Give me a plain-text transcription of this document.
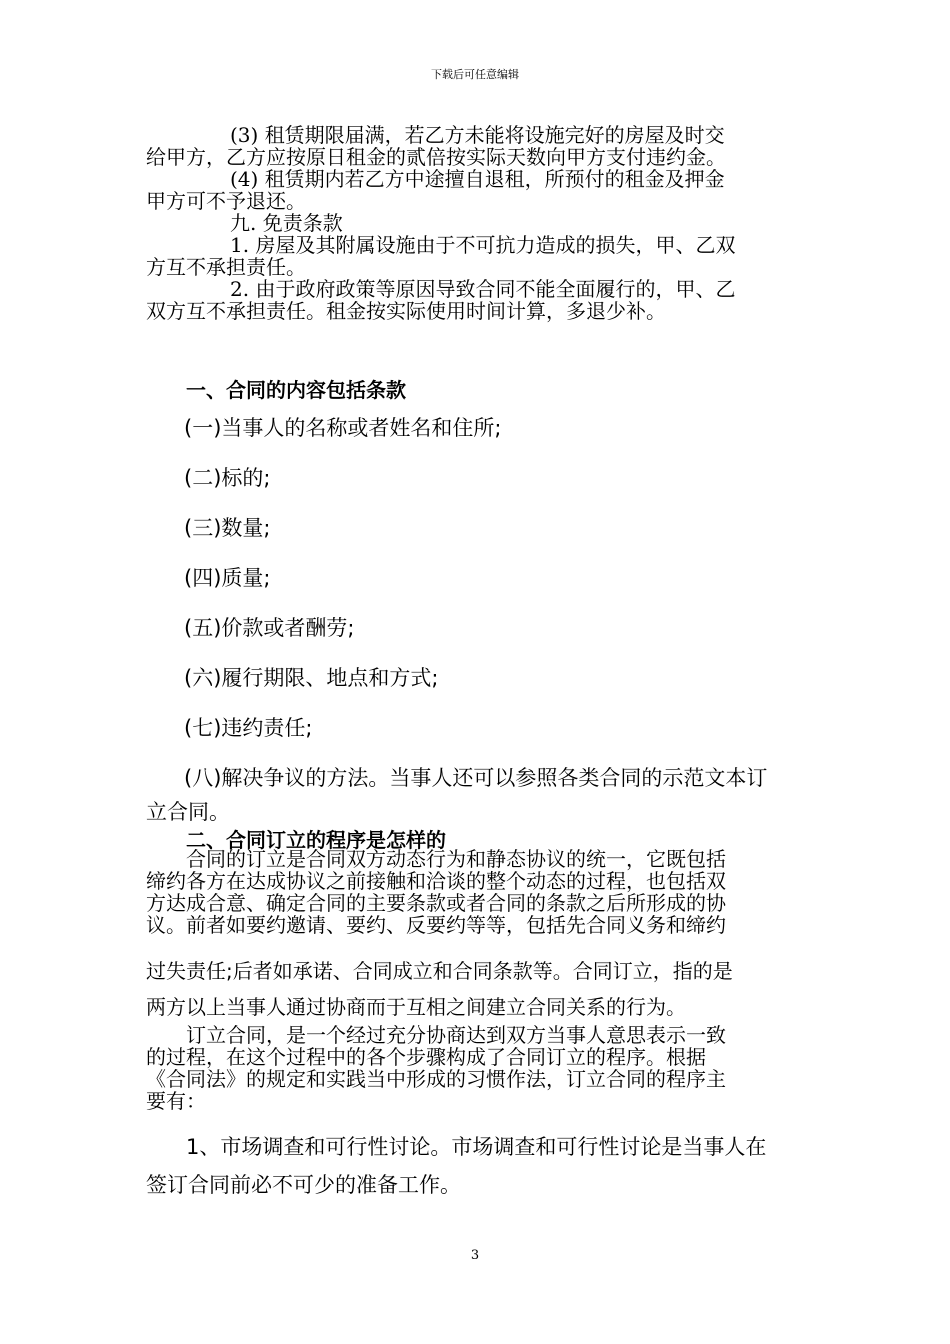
下载后可任意编辑
(3) 租赁期限届满，若乙方未能将设施完好的房屋及时交
给甲方，乙方应按原日租金的贰倍按实际天数向甲方支付违约金。
(4) 租赁期内若乙方中途擅自退租，所预付的租金及押金
甲方可不予退还。
九. 免责条款
1. 房屋及其附属设施由于不可抗力造成的损失，甲、乙双
方互不承担责任。
2. 由于政府政策等原因导致合同不能全面履行的，甲、乙
双方互不承担责任。租金按实际使用时间计算，多退少补。
一、合同的内容包括条款
(一)当事人的名称或者姓名和住所;
(二)标的;
(三)数量;
(四)质量;
(五)价款或者酬劳;
(六)履行期限、地点和方式;
(七)违约责任;
(八)解决争议的方法。当事人还可以参照各类合同的示范文本订
立合同。
二、合同订立的程序是怎样的
合同的订立是合同双方动态行为和静态协议的统一，它既包括
缔约各方在达成协议之前接触和洽谈的整个动态的过程，也包括双
方达成合意、确定合同的主要条款或者合同的条款之后所形成的协
议。前者如要约邀请、要约、反要约等等，包括先合同义务和缔约
过失责任;后者如承诺、合同成立和合同条款等。合同订立，指的是
两方以上当事人通过协商而于互相之间建立合同关系的行为。
订立合同，是一个经过充分协商达到双方当事人意思表示一致
的过程，在这个过程中的各个步骤构成了合同订立的程序。根据
《合同法》的规定和实践当中形成的习惯作法，订立合同的程序主
要有：
1、市场调查和可行性讨论。市场调查和可行性讨论是当事人在
签订合同前必不可少的准备工作。
3
